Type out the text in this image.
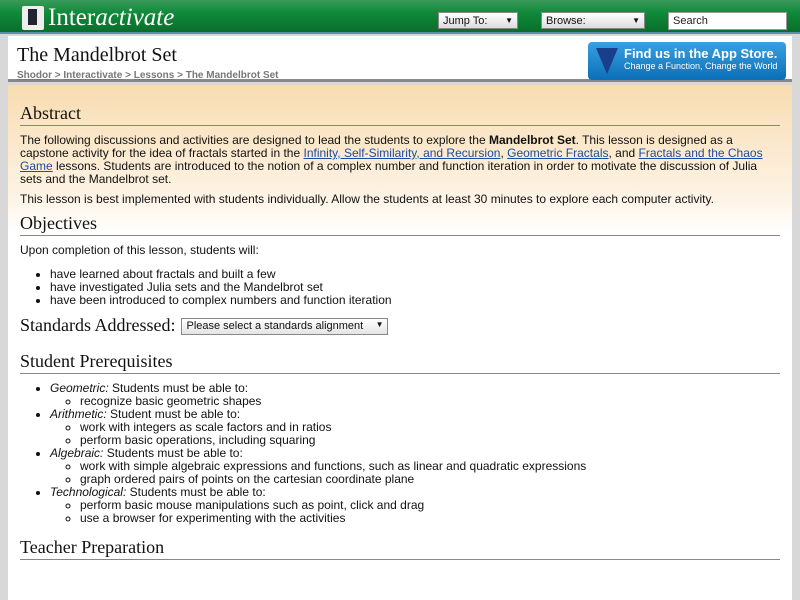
Inter activate	Jump To: ▼	Browse:	▼	Search
The Mandelbrot Set
Shodor > Interactivate > Lessons > The Mandelbrot Set
Find us in the App Store.
Change a Function, Change the World
Abstract

The following discussions and activities are designed to lead the students to explore the Mandelbrot Set. This lesson is designed as a capstone activity for the idea of fractals started in the Infinity, Self-Similarity, and Recursion, Geometric Fractals, and Fractals and the Chaos Game lessons. Students are introduced to the notion of a complex number and function iteration in order to motivate the discussion of Julia sets and the Mandelbrot set.

This lesson is best implemented with students individually. Allow the students at least 30 minutes to explore each computer activity.

Objectives

Upon completion of this lesson, students will:

• have learned about fractals and built a few
• have investigated Julia sets and the Mandelbrot set
• have been introduced to complex numbers and function iteration
Standards Addressed: Please select a standards alignment ▼
Student Prerequisites
• Geometric: Students must be able to:
◦ recognize basic geometric shapes
• Arithmetic: Student must be able to:
◦ work with integers as scale factors and in ratios
◦ perform basic operations, including squaring
• Algebraic: Students must be able to:
◦ work with simple algebraic expressions and functions, such as linear and quadratic expressions
◦ graph ordered pairs of points on the cartesian coordinate plane
• Technological: Students must be able to:
◦ perform basic mouse manipulations such as point, click and drag
◦ use a browser for experimenting with the activities
Teacher Preparation
